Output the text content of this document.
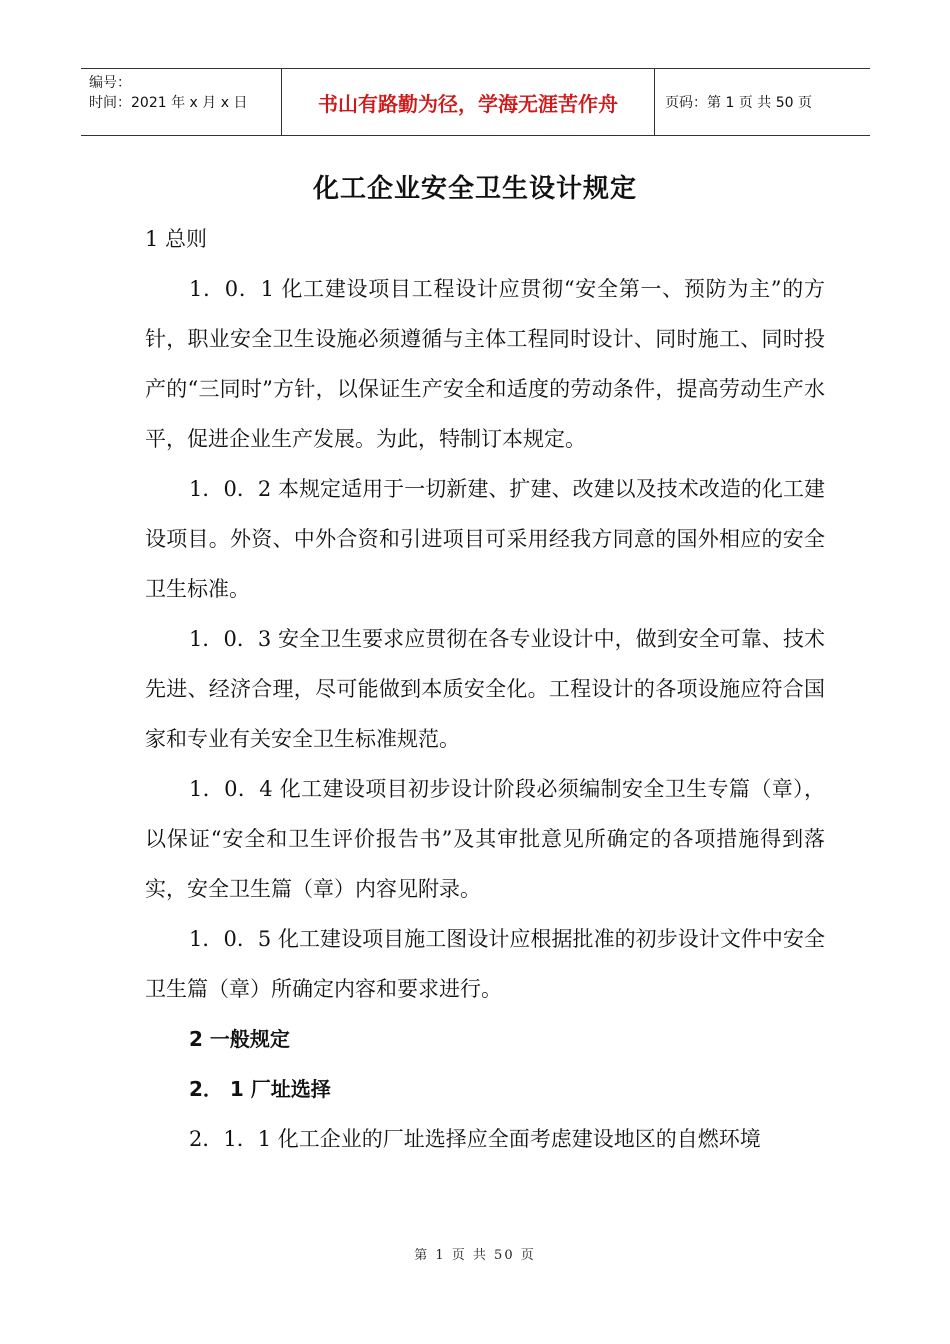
编号：
时间：2021 年 x 月 x 日	书山有路勤为径，学海无涯苦作舟	页码：第 1 页 共 50 页
化工企业安全卫生设计规定

1 总则

1．0．1 化工建设项目工程设计应贯彻“安全第一、预防为主”的方针，职业安全卫生设施必须遵循与主体工程同时设计、同时施工、同时投产的“三同时”方针，以保证生产安全和适度的劳动条件，提高劳动生产水平，促进企业生产发展。为此，特制订本规定。

1．0．2 本规定适用于一切新建、扩建、改建以及技术改造的化工建设项目。外资、中外合资和引进项目可采用经我方同意的国外相应的安全卫生标准。

1．0．3 安全卫生要求应贯彻在各专业设计中，做到安全可靠、技术先进、经济合理，尽可能做到本质安全化。工程设计的各项设施应符合国家和专业有关安全卫生标准规范。

1．0．4 化工建设项目初步设计阶段必须编制安全卫生专篇（章），以保证“安全和卫生评价报告书”及其审批意见所确定的各项措施得到落实，安全卫生篇（章）内容见附录。

1．0．5 化工建设项目施工图设计应根据批准的初步设计文件中安全卫生篇（章）所确定内容和要求进行。

2 一般规定

2． 1 厂址选择

2．1．1 化工企业的厂址选择应全面考虑建设地区的自燃环境

第 1 页 共 50 页
